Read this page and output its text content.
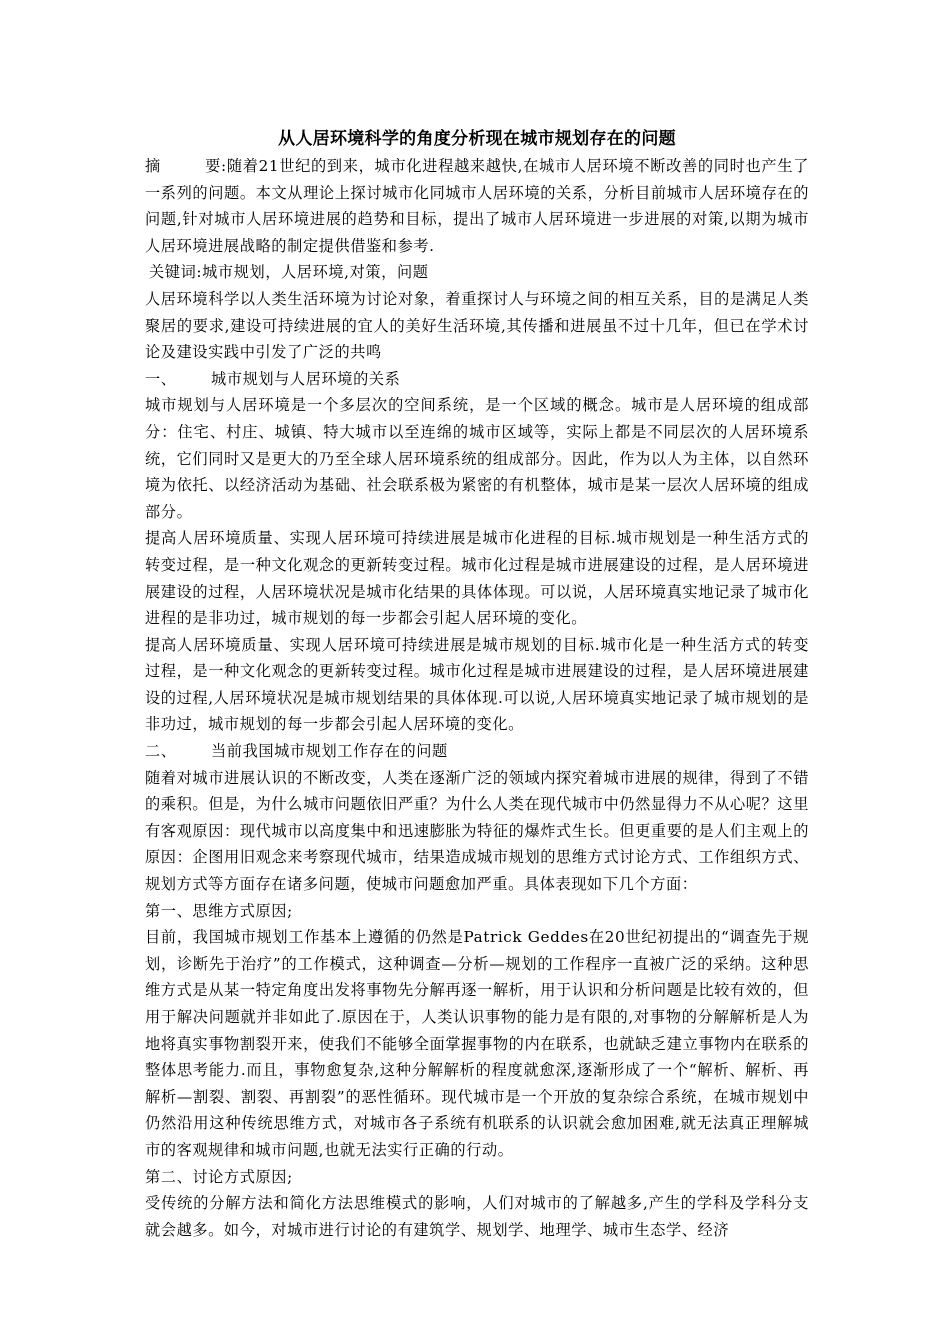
从人居环境科学的角度分析现在城市规划存在的问题

摘	要:随着21世纪的到来，城市化进程越来越快,在城市人居环境不断改善的同时也产生了一系列的问题。本文从理论上探讨城市化同城市人居环境的关系，分析目前城市人居环境存在的问题,针对城市人居环境进展的趋势和目标，提出了城市人居环境进一步进展的对策,以期为城市人居环境进展战略的制定提供借鉴和参考.

关键词:城市规划，人居环境,对策，问题

人居环境科学以人类生活环境为讨论对象，着重探讨人与环境之间的相互关系，目的是满足人类聚居的要求,建设可持续进展的宜人的美好生活环境,其传播和进展虽不过十几年，但已在学术讨论及建设实践中引发了广泛的共鸣

一、 城市规划与人居环境的关系

城市规划与人居环境是一个多层次的空间系统，是一个区域的概念。城市是人居环境的组成部分：住宅、村庄、城镇、特大城市以至连绵的城市区域等，实际上都是不同层次的人居环境系统，它们同时又是更大的乃至全球人居环境系统的组成部分。因此，作为以人为主体，以自然环境为依托、以经济活动为基础、社会联系极为紧密的有机整体，城市是某一层次人居环境的组成部分。

提高人居环境质量、实现人居环境可持续进展是城市化进程的目标.城市规划是一种生活方式的转变过程，是一种文化观念的更新转变过程。城市化过程是城市进展建设的过程，是人居环境进展建设的过程，人居环境状况是城市化结果的具体体现。可以说，人居环境真实地记录了城市化进程的是非功过，城市规划的每一步都会引起人居环境的变化。

提高人居环境质量、实现人居环境可持续进展是城市规划的目标.城市化是一种生活方式的转变过程，是一种文化观念的更新转变过程。城市化过程是城市进展建设的过程，是人居环境进展建设的过程,人居环境状况是城市规划结果的具体体现.可以说,人居环境真实地记录了城市规划的是非功过，城市规划的每一步都会引起人居环境的变化。

二、 当前我国城市规划工作存在的问题

随着对城市进展认识的不断改变，人类在逐渐广泛的领域内探究着城市进展的规律，得到了不错的乘积。但是，为什么城市问题依旧严重？为什么人类在现代城市中仍然显得力不从心呢？这里有客观原因：现代城市以高度集中和迅速膨胀为特征的爆炸式生长。但更重要的是人们主观上的原因：企图用旧观念来考察现代城市，结果造成城市规划的思维方式讨论方式、工作组织方式、规划方式等方面存在诸多问题，使城市问题愈加严重。具体表现如下几个方面：

第一、思维方式原因;

目前，我国城市规划工作基本上遵循的仍然是Patrick Geddes在20世纪初提出的“调查先于规划，诊断先于治疗”的工作模式，这种调查—分析—规划的工作程序一直被广泛的采纳。这种思维方式是从某一特定角度出发将事物先分解再逐一解析，用于认识和分析问题是比较有效的，但用于解决问题就并非如此了.原因在于，人类认识事物的能力是有限的,对事物的分解解析是人为地将真实事物割裂开来，使我们不能够全面掌握事物的内在联系，也就缺乏建立事物内在联系的整体思考能力.而且，事物愈复杂,这种分解解析的程度就愈深,逐渐形成了一个“解析、解析、再解析—割裂、割裂、再割裂”的恶性循环。现代城市是一个开放的复杂综合系统，在城市规划中仍然沿用这种传统思维方式，对城市各子系统有机联系的认识就会愈加困难,就无法真正理解城市的客观规律和城市问题,也就无法实行正确的行动。

第二、讨论方式原因;

受传统的分解方法和简化方法思维模式的影响，人们对城市的了解越多,产生的学科及学科分支就会越多。如今，对城市进行讨论的有建筑学、规划学、地理学、城市生态学、经济
